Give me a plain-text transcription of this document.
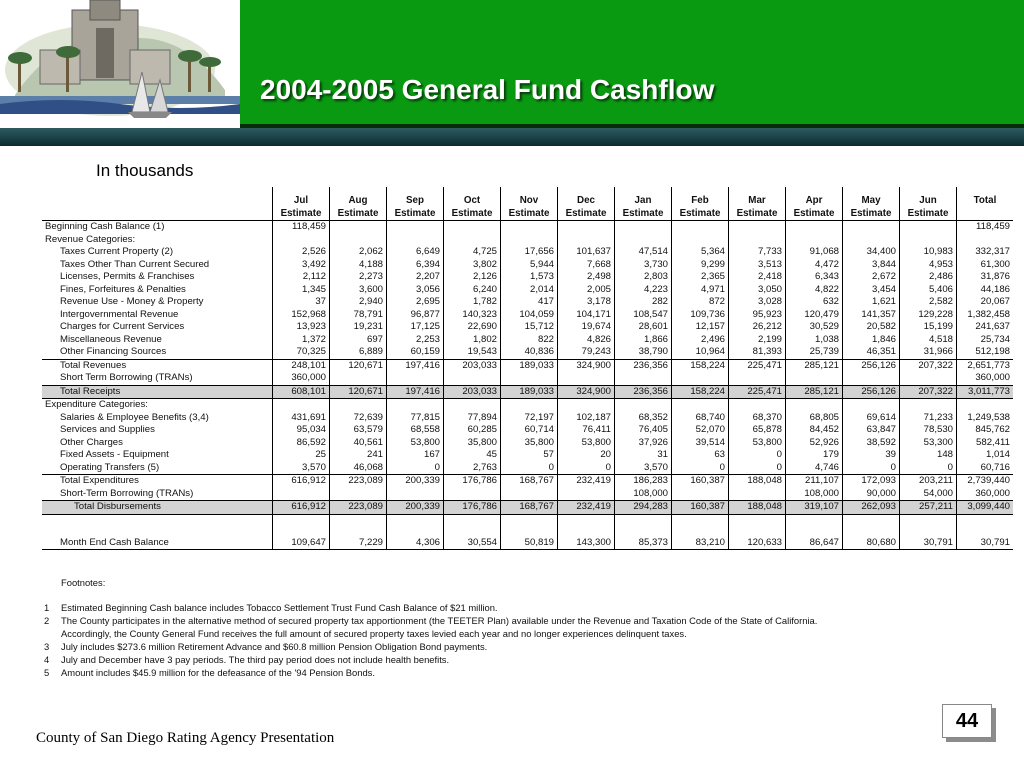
2004-2005 General Fund Cashflow
In thousands
	Jul	Aug	Sep	Oct	Nov	Dec	Jan	Feb	Mar	Apr	May	Jun	Total
	Estimate	Estimate	Estimate	Estimate	Estimate	Estimate	Estimate	Estimate	Estimate	Estimate	Estimate	Estimate	
Beginning Cash Balance (1)	118,459												118,459
Revenue Categories:													
Taxes Current Property (2)	2,526	2,062	6,649	4,725	17,656	101,637	47,514	5,364	7,733	91,068	34,400	10,983	332,317
Taxes Other Than Current Secured	3,492	4,188	6,394	3,802	5,944	7,668	3,730	9,299	3,513	4,472	3,844	4,953	61,300
Licenses, Permits & Franchises	2,112	2,273	2,207	2,126	1,573	2,498	2,803	2,365	2,418	6,343	2,672	2,486	31,876
Fines, Forfeitures & Penalties	1,345	3,600	3,056	6,240	2,014	2,005	4,223	4,971	3,050	4,822	3,454	5,406	44,186
Revenue Use - Money & Property	37	2,940	2,695	1,782	417	3,178	282	872	3,028	632	1,621	2,582	20,067
Intergovernmental Revenue	152,968	78,791	96,877	140,323	104,059	104,171	108,547	109,736	95,923	120,479	141,357	129,228	1,382,458
Charges for Current Services	13,923	19,231	17,125	22,690	15,712	19,674	28,601	12,157	26,212	30,529	20,582	15,199	241,637
Miscellaneous Revenue	1,372	697	2,253	1,802	822	4,826	1,866	2,496	2,199	1,038	1,846	4,518	25,734
Other Financing Sources	70,325	6,889	60,159	19,543	40,836	79,243	38,790	10,964	81,393	25,739	46,351	31,966	512,198
Total Revenues	248,101	120,671	197,416	203,033	189,033	324,900	236,356	158,224	225,471	285,121	256,126	207,322	2,651,773
Short Term Borrowing (TRANs)	360,000												360,000
Total Receipts	608,101	120,671	197,416	203,033	189,033	324,900	236,356	158,224	225,471	285,121	256,126	207,322	3,011,773
Expenditure Categories:													
Salaries & Employee Benefits (3,4)	431,691	72,639	77,815	77,894	72,197	102,187	68,352	68,740	68,370	68,805	69,614	71,233	1,249,538
Services and Supplies	95,034	63,579	68,558	60,285	60,714	76,411	76,405	52,070	65,878	84,452	63,847	78,530	845,762
Other Charges	86,592	40,561	53,800	35,800	35,800	53,800	37,926	39,514	53,800	52,926	38,592	53,300	582,411
Fixed Assets - Equipment	25	241	167	45	57	20	31	63	0	179	39	148	1,014
Operating Transfers (5)	3,570	46,068	0	2,763	0	0	3,570	0	0	4,746	0	0	60,716
Total Expenditures	616,912	223,089	200,339	176,786	168,767	232,419	186,283	160,387	188,048	211,107	172,093	203,211	2,739,440
Short-Term Borrowing (TRANs)							108,000			108,000	90,000	54,000	360,000
Total Disbursements	616,912	223,089	200,339	176,786	168,767	232,419	294,283	160,387	188,048	319,107	262,093	257,211	3,099,440

Month End Cash Balance	109,647	7,229	4,306	30,554	50,819	143,300	85,373	83,210	120,633	86,647	80,680	30,791	30,791
Footnotes:
1	Estimated Beginning Cash balance includes Tobacco Settlement Trust Fund Cash Balance of $21 million.
2	The County participates in the alternative method of secured property tax apportionment (the TEETER Plan) available under the Revenue and Taxation Code of the State of California.
Accordingly, the County General Fund receives the full amount of secured property taxes levied each year and no longer experiences delinquent taxes.
3	July includes $273.6 million Retirement Advance and $60.8 million Pension Obligation Bond payments.
4	July and December have 3 pay periods. The third pay period does not include health benefits.
5	Amount includes $45.9 million for the defeasance of the '94 Pension Bonds.
County of San Diego Rating Agency Presentation
44
